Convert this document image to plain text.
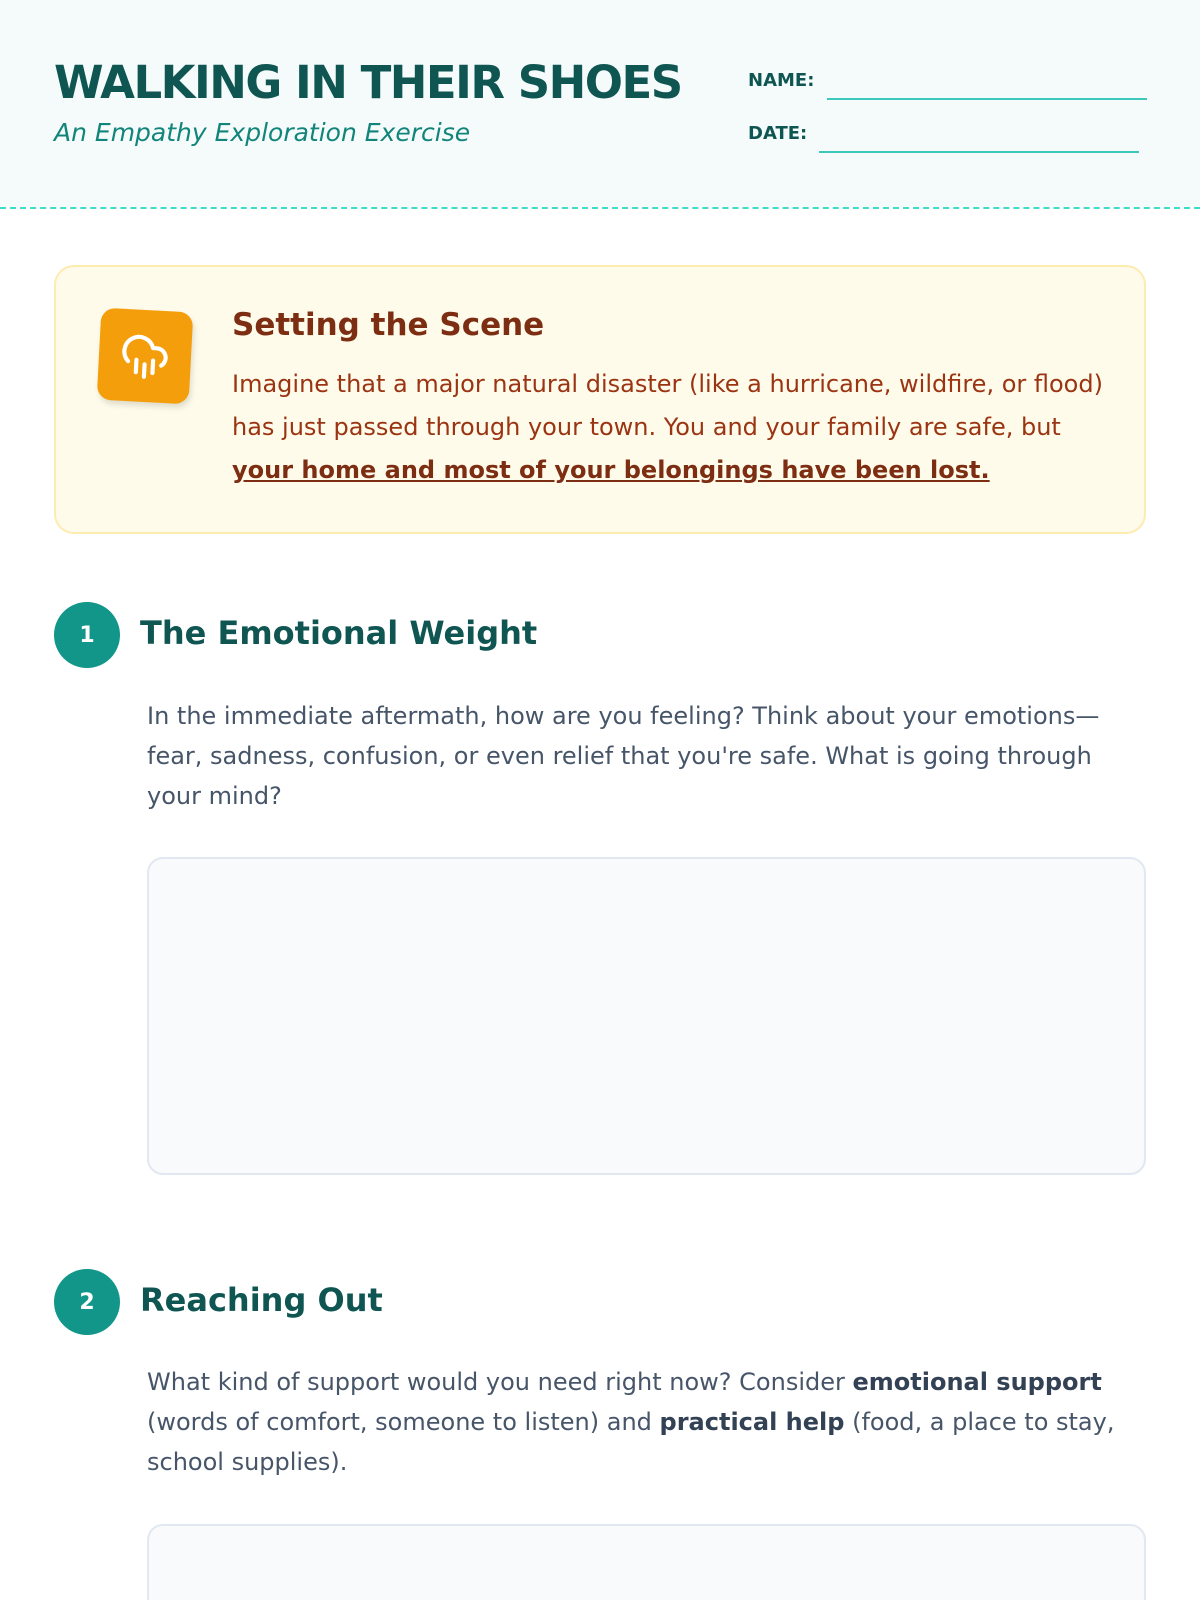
WALKING IN THEIR SHOES
An Empathy Exploration Exercise
NAME:
DATE:
Setting the Scene
Imagine that a major natural disaster (like a hurricane, wildfire, or flood) has just passed through your town. You and your family are safe, but your home and most of your belongings have been lost.
1	The Emotional Weight
In the immediate aftermath, how are you feeling? Think about your emotions—fear, sadness, confusion, or even relief that you're safe. What is going through your mind?
2	Reaching Out
What kind of support would you need right now? Consider emotional support (words of comfort, someone to listen) and practical help (food, a place to stay, school supplies).
